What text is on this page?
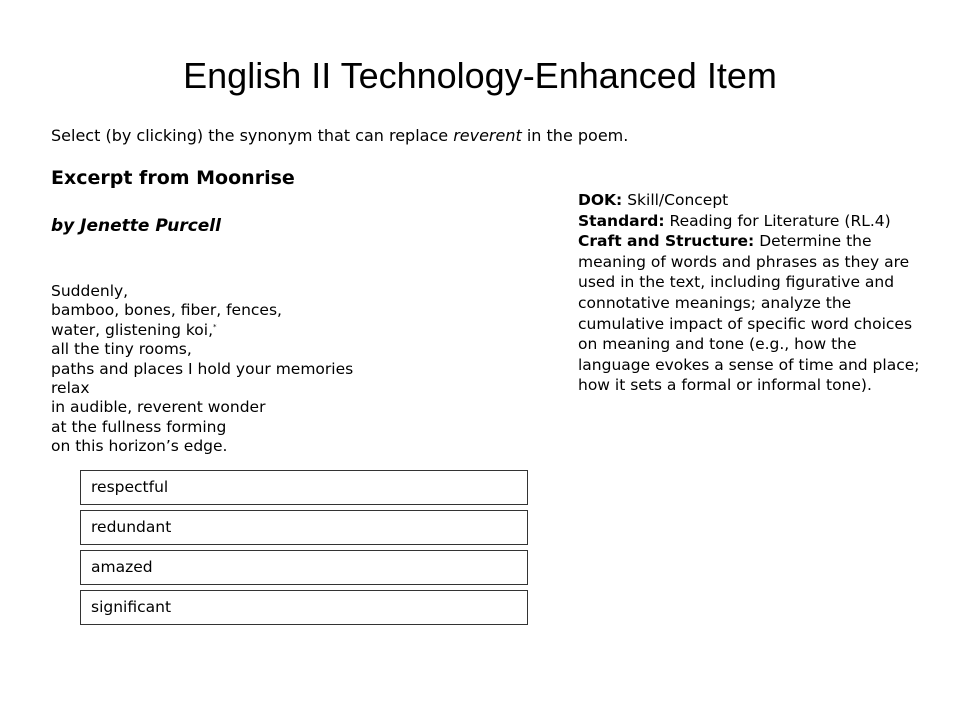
English II Technology-Enhanced Item
Select (by clicking) the synonym that can replace reverent in the poem.
Excerpt from Moonrise
by Jenette Purcell
Suddenly,
bamboo, bones, fiber, fences,
water, glistening koi,*
all the tiny rooms,
paths and places I hold your memories
relax
in audible, reverent wonder
at the fullness forming
on this horizon’s edge.
respectful
redundant
amazed
significant

DOK: Skill/Concept

Standard: Reading for Literature (RL.4)

Craft and Structure: Determine the meaning of words and phrases as they are used in the text, including figurative and connotative meanings; analyze the cumulative impact of specific word choices on meaning and tone (e.g., how the language evokes a sense of time and place; how it sets a formal or informal tone).
